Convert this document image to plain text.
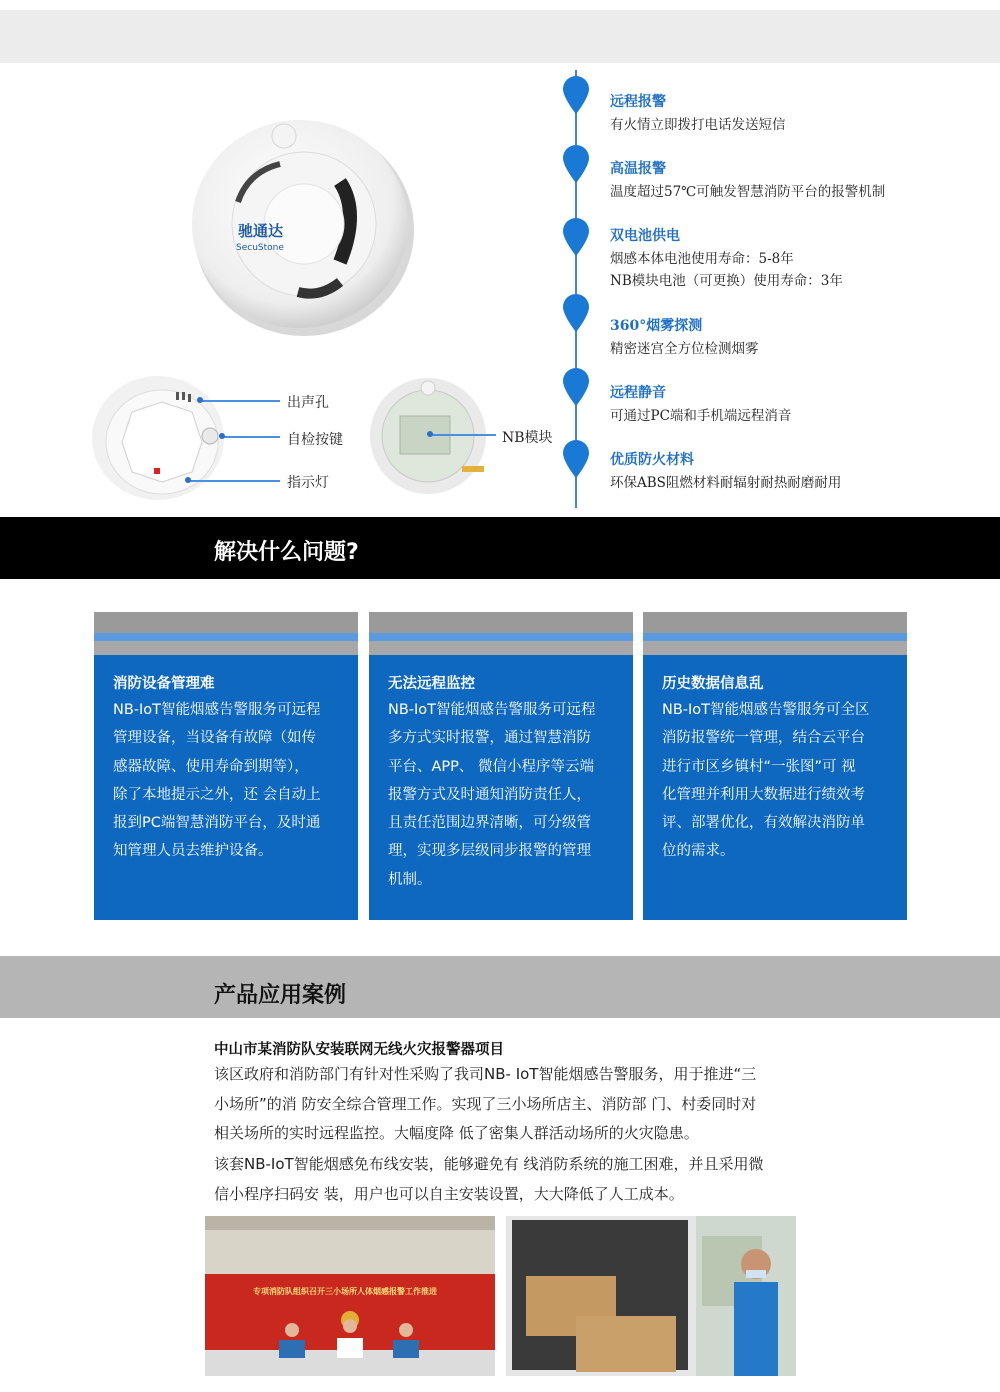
驰通达
SecuStone
出声孔
自检按键
指示灯
NB模块
远程报警
有火情立即拨打电话发送短信
高温报警
温度超过57℃可触发智慧消防平台的报警机制
双电池供电
烟感本体电池使用寿命：5-8年
NB模块电池（可更换）使用寿命：3年
360°烟雾探测
精密迷宫全方位检测烟雾
远程静音
可通过PC端和手机端远程消音
优质防火材料
环保ABS阻燃材料耐辐射耐热耐磨耐用
解决什么问题?
消防设备管理难
NB-IoT智能烟感告警服务可远程
管理设备，当设备有故障（如传
感器故障、使用寿命到期等），
除了本地提示之外，还 会自动上
报到PC端智慧消防平台，及时通
知管理人员去维护设备。
无法远程监控
NB-IoT智能烟感告警服务可远程
多方式实时报警，通过智慧消防
平台、APP、 微信小程序等云端
报警方式及时通知消防责任人，
且责任范围边界清晰，可分级管
理，实现多层级同步报警的管理
机制。
历史数据信息乱
NB-IoT智能烟感告警服务可全区
消防报警统一管理，结合云平台
进行市区乡镇村“一张图”可 视
化管理并利用大数据进行绩效考
评、部署优化，有效解决消防单
位的需求。
产品应用案例
中山市某消防队安装联网无线火灾报警器项目
该区政府和消防部门有针对性采购了我司NB- IoT智能烟感告警服务，用于推进“三
小场所”的消 防安全综合管理工作。实现了三小场所店主、消防部 门、村委同时对
相关场所的实时远程监控。大幅度降 低了密集人群活动场所的火灾隐患。
该套NB-IoT智能烟感免布线安装，能够避免有 线消防系统的施工困难，并且采用微
信小程序扫码安 装，用户也可以自主安装设置，大大降低了人工成本。
专项消防队组织召开三小场所人体烟感报警工作推进
